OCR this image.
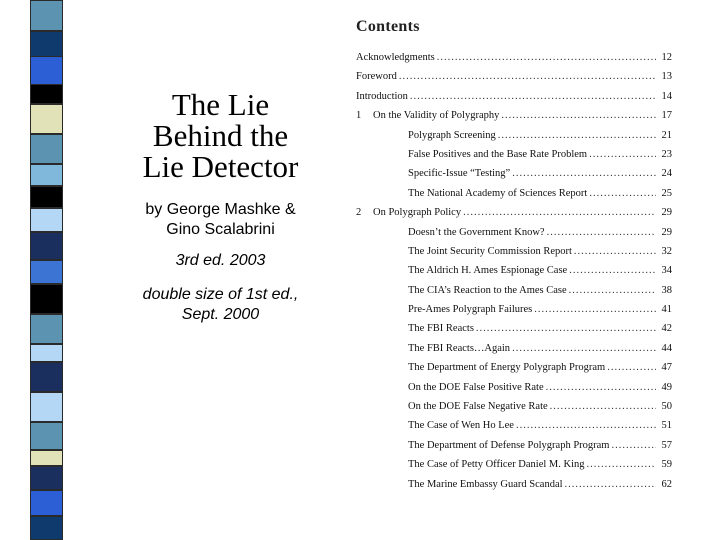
The Lie
Behind the
Lie Detector
by George Mashke &
Gino Scalabrini
3rd ed. 2003
double size of 1st ed.,
Sept. 2000
Contents
Acknowledgments .....	12
Foreword .....	13
Introduction .....	14
1	On the Validity of Polygraphy .....	17
Polygraph Screening .....	21
False Positives and the Base Rate Problem .....	23
Specific-Issue “Testing” .....	24
The National Academy of Sciences Report .....	25
2	On Polygraph Policy .....	29
Doesn’t the Government Know? .....	29
The Joint Security Commission Report .....	32
The Aldrich H. Ames Espionage Case .....	34
The CIA’s Reaction to the Ames Case .....	38
Pre-Ames Polygraph Failures .....	41
The FBI Reacts .....	42
The FBI Reacts…Again .....	44
The Department of Energy Polygraph Program .....	47
On the DOE False Positive Rate .....	49
On the DOE False Negative Rate .....	50
The Case of Wen Ho Lee .....	51
The Department of Defense Polygraph Program .....	57
The Case of Petty Officer Daniel M. King .....	59
The Marine Embassy Guard Scandal .....	62
